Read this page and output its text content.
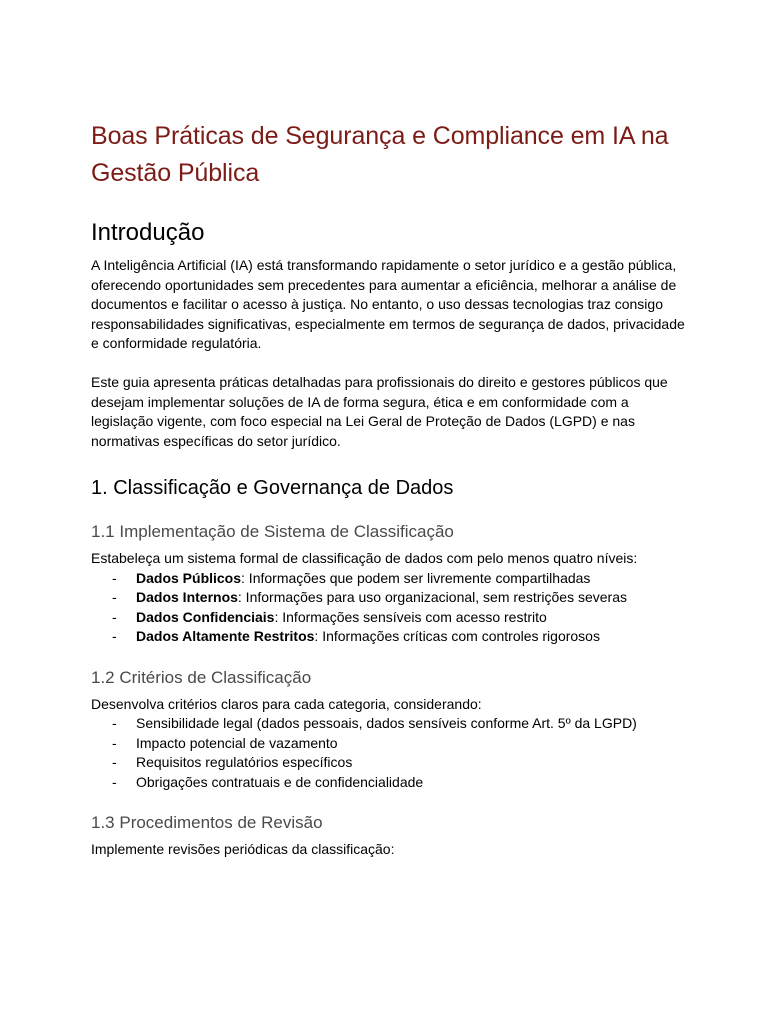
Boas Práticas de Segurança e Compliance em IA na Gestão Pública
Introdução

A Inteligência Artificial (IA) está transformando rapidamente o setor jurídico e a gestão pública, oferecendo oportunidades sem precedentes para aumentar a eficiência, melhorar a análise de documentos e facilitar o acesso à justiça. No entanto, o uso dessas tecnologias traz consigo responsabilidades significativas, especialmente em termos de segurança de dados, privacidade e conformidade regulatória.

Este guia apresenta práticas detalhadas para profissionais do direito e gestores públicos que desejam implementar soluções de IA de forma segura, ética e em conformidade com a legislação vigente, com foco especial na Lei Geral de Proteção de Dados (LGPD) e nas normativas específicas do setor jurídico.

1. Classificação e Governança de Dados
1.1 Implementação de Sistema de Classificação

Estabeleça um sistema formal de classificação de dados com pelo menos quatro níveis:

- Dados Públicos: Informações que podem ser livremente compartilhadas
- Dados Internos: Informações para uso organizacional, sem restrições severas
- Dados Confidenciais: Informações sensíveis com acesso restrito
- Dados Altamente Restritos: Informações críticas com controles rigorosos
1.2 Critérios de Classificação

Desenvolva critérios claros para cada categoria, considerando:

- Sensibilidade legal (dados pessoais, dados sensíveis conforme Art. 5º da LGPD)
- Impacto potencial de vazamento
- Requisitos regulatórios específicos
- Obrigações contratuais e de confidencialidade
1.3 Procedimentos de Revisão

Implemente revisões periódicas da classificação:
